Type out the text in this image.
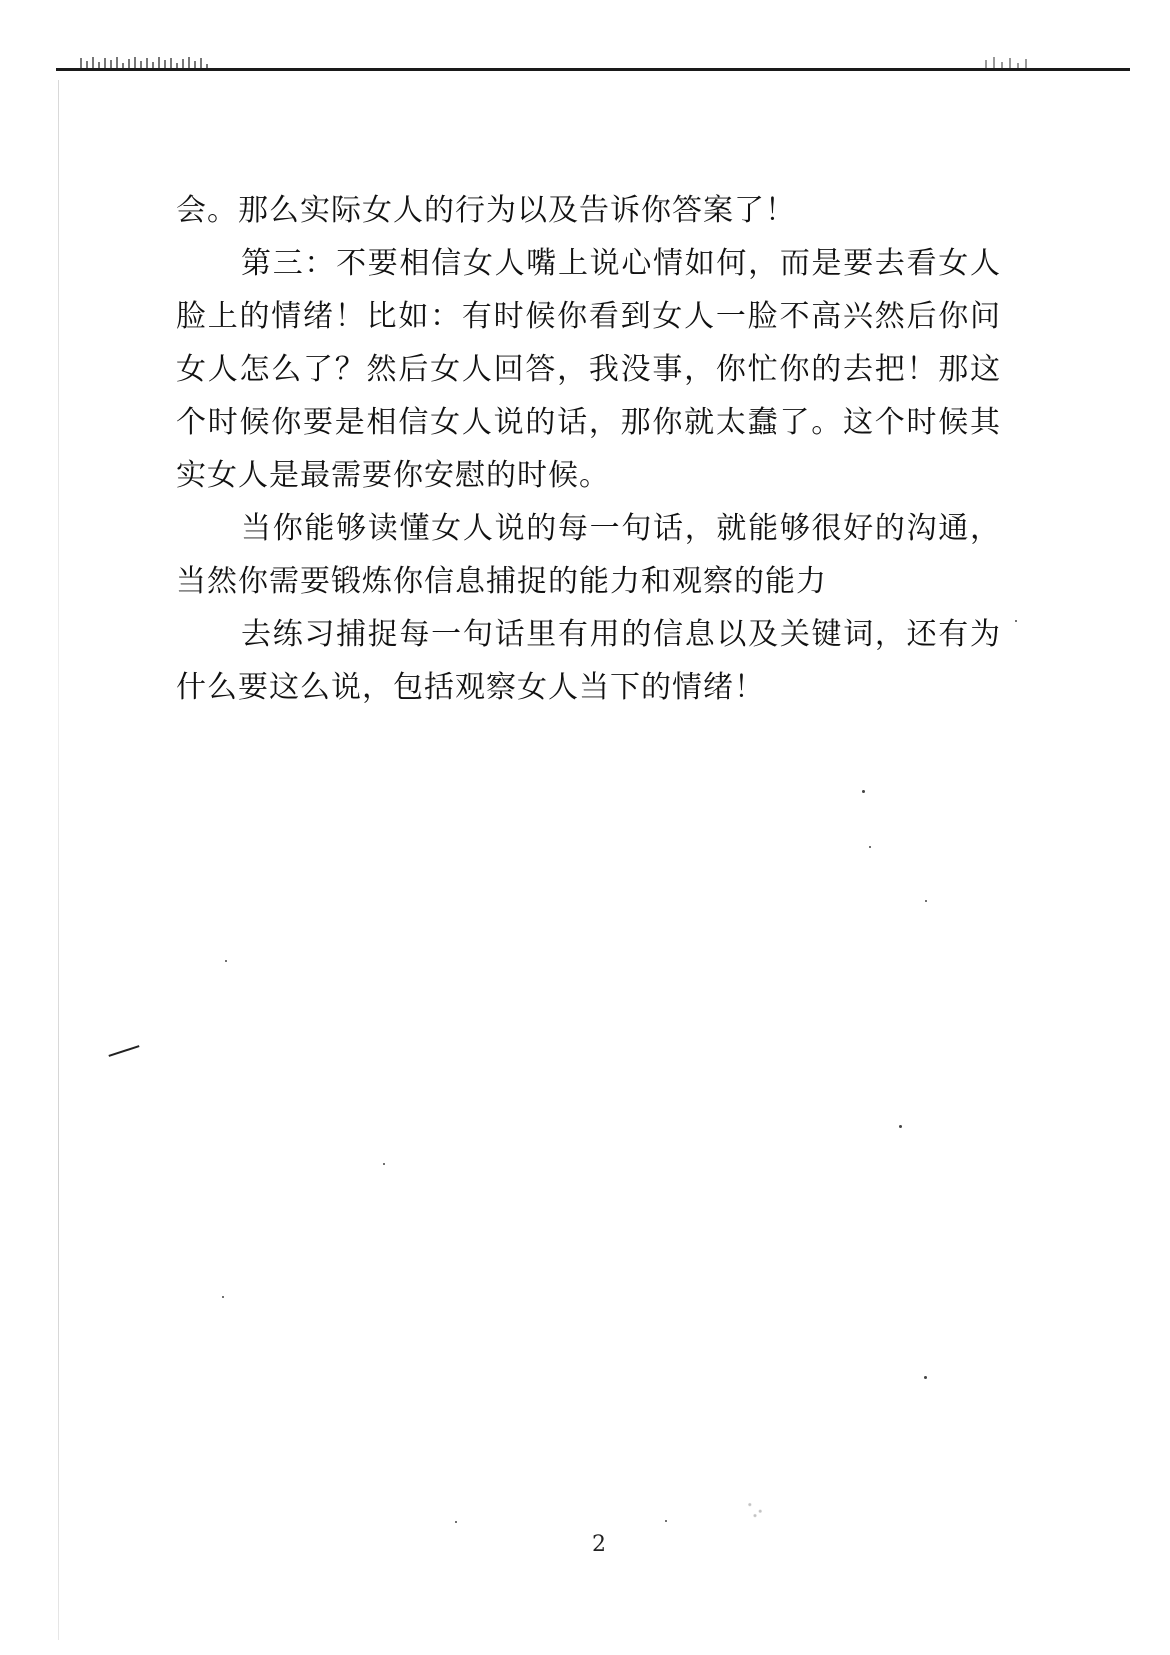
会。那么实际女人的行为以及告诉你答案了！

第三：不要相信女人嘴上说心情如何，而是要去看女人脸上的情绪！比如：有时候你看到女人一脸不高兴然后你问女人怎么了？然后女人回答，我没事，你忙你的去把！那这个时候你要是相信女人说的话，那你就太蠢了。这个时候其实女人是最需要你安慰的时候。

当你能够读懂女人说的每一句话，就能够很好的沟通，当然你需要锻炼你信息捕捉的能力和观察的能力

去练习捕捉每一句话里有用的信息以及关键词，还有为什么要这么说，包括观察女人当下的情绪！

2
